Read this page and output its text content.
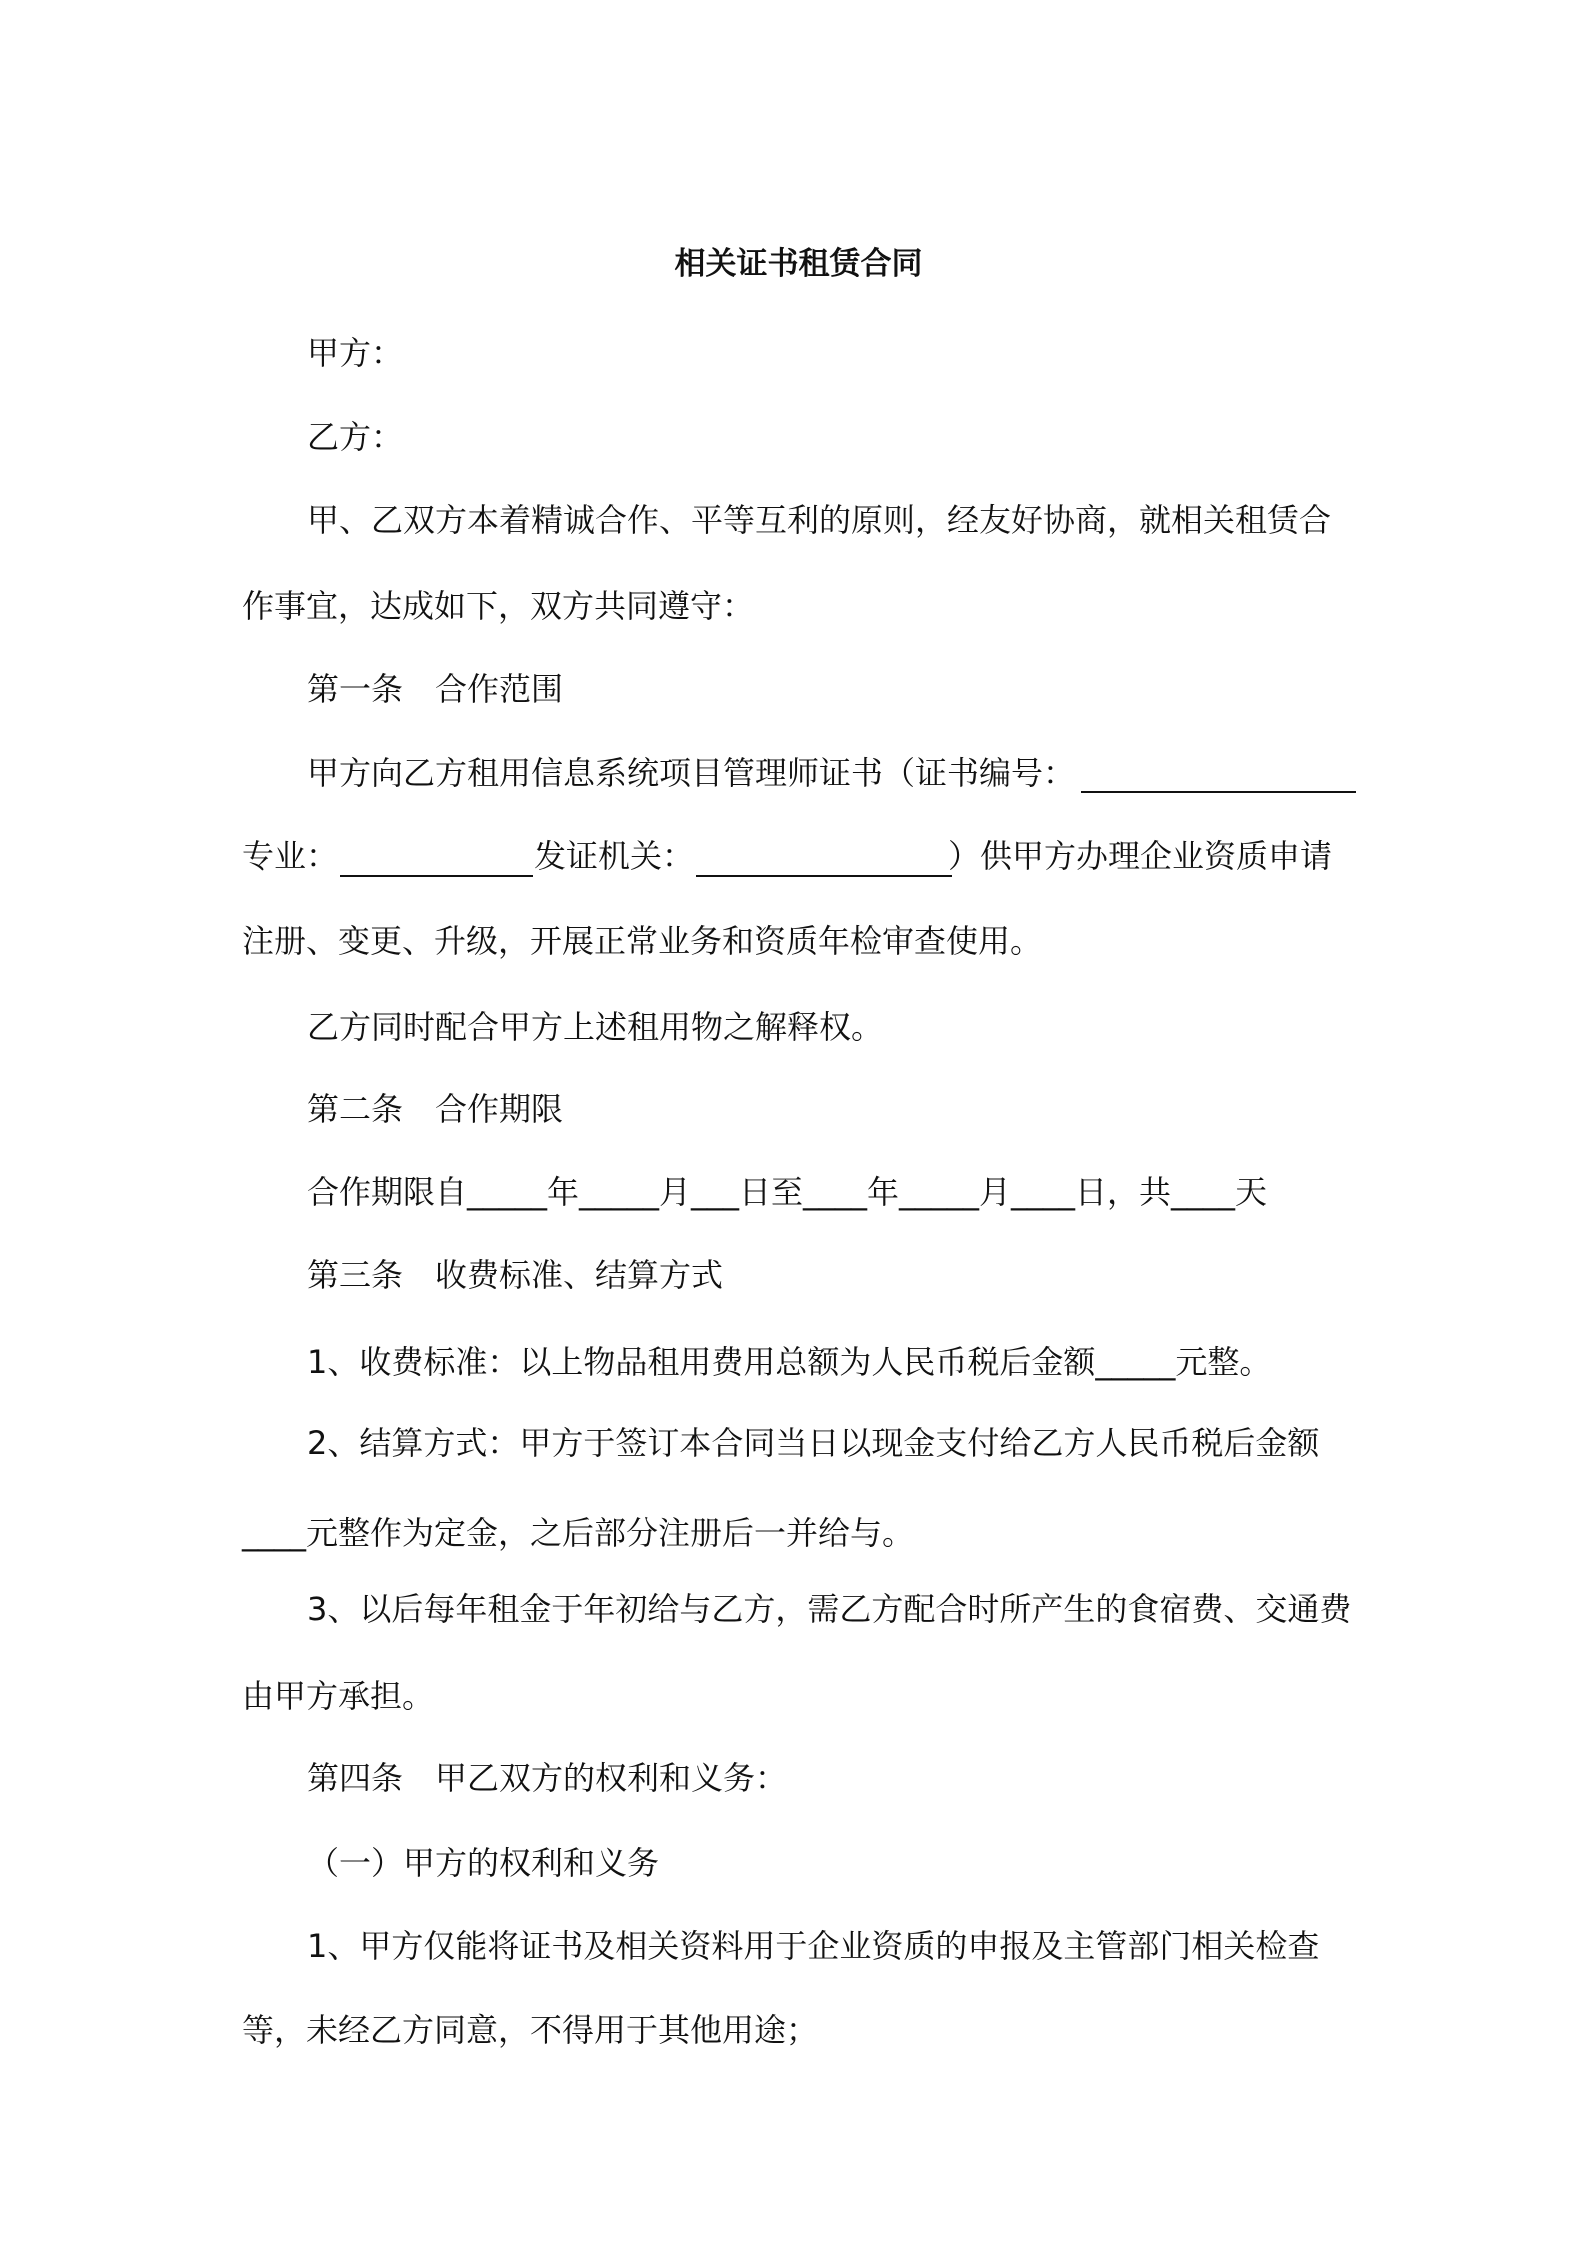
相关证书租赁合同
甲方：
乙方：
甲、乙双方本着精诚合作、平等互利的原则，经友好协商，就相关租赁合
作事宜，达成如下，双方共同遵守：
第一条　合作范围
甲方向乙方租用信息系统项目管理师证书（证书编号：
专业：	发证机关：	）供甲方办理企业资质申请
注册、变更、升级，开展正常业务和资质年检审查使用。
乙方同时配合甲方上述租用物之解释权。
第二条　合作期限
合作期限自_____年_____月___日至____年_____月____日，共____天
第三条　收费标准、结算方式
1、收费标准：以上物品租用费用总额为人民币税后金额_____元整。
2、结算方式：甲方于签订本合同当日以现金支付给乙方人民币税后金额
____元整作为定金，之后部分注册后一并给与。
3、以后每年租金于年初给与乙方，需乙方配合时所产生的食宿费、交通费
由甲方承担。
第四条　甲乙双方的权利和义务：
（一）甲方的权利和义务
1、甲方仅能将证书及相关资料用于企业资质的申报及主管部门相关检查
等，未经乙方同意，不得用于其他用途；
